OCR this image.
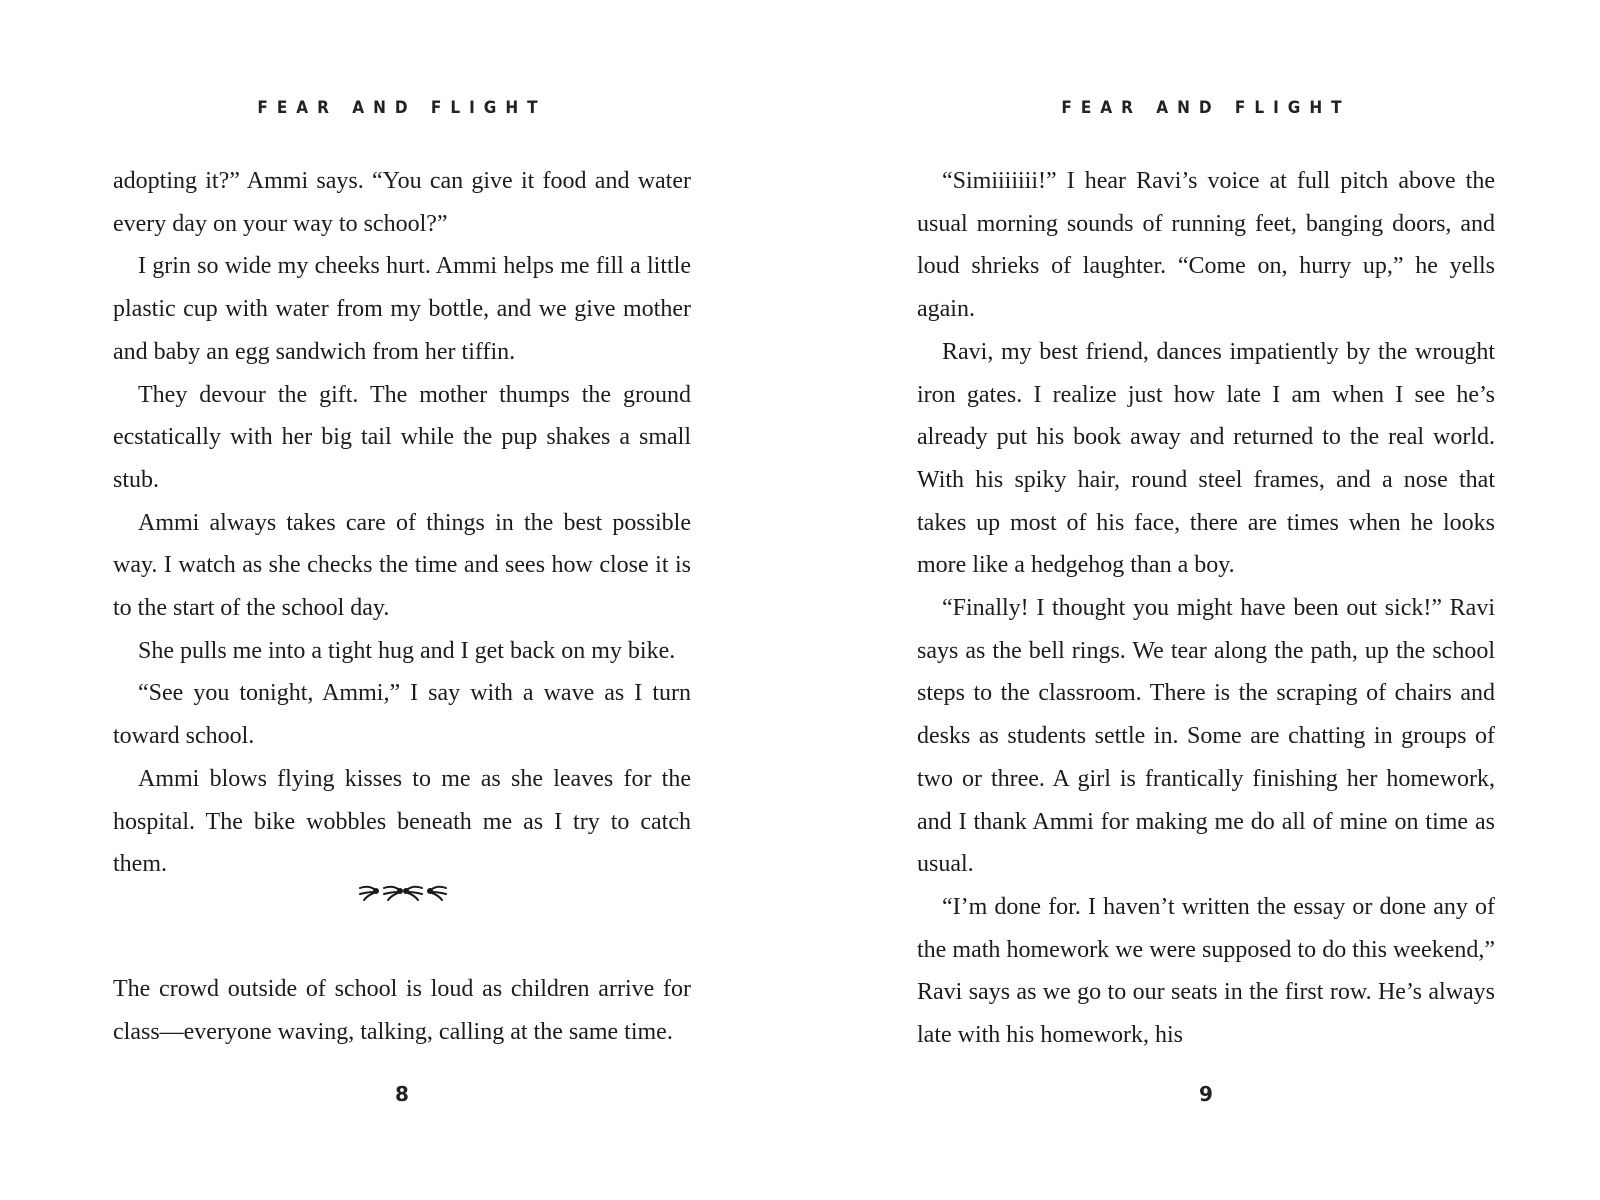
FEAR AND FLIGHT

adopting it?” Ammi says. “You can give it food and water every day on your way to school?”

I grin so wide my cheeks hurt. Ammi helps me fill a little plastic cup with water from my bottle, and we give mother and baby an egg sandwich from her tiffin.

They devour the gift. The mother thumps the ground ecstatically with her big tail while the pup shakes a small stub.

Ammi always takes care of things in the best possible way. I watch as she checks the time and sees how close it is to the start of the school day.

She pulls me into a tight hug and I get back on my bike.

“See you tonight, Ammi,” I say with a wave as I turn toward school.

Ammi blows flying kisses to me as she leaves for the hospital. The bike wobbles beneath me as I try to catch them.

The crowd outside of school is loud as children arrive for class—everyone waving, talking, calling at the same time.

8
FEAR AND FLIGHT

“Simiiiiiii!” I hear Ravi’s voice at full pitch above the usual morning sounds of running feet, banging doors, and loud shrieks of laughter. “Come on, hurry up,” he yells again.

Ravi, my best friend, dances impatiently by the wrought iron gates. I realize just how late I am when I see he’s already put his book away and returned to the real world. With his spiky hair, round steel frames, and a nose that takes up most of his face, there are times when he looks more like a hedgehog than a boy.

“Finally! I thought you might have been out sick!” Ravi says as the bell rings. We tear along the path, up the school steps to the classroom. There is the scraping of chairs and desks as students settle in. Some are chatting in groups of two or three. A girl is frantically finishing her homework, and I thank Ammi for making me do all of mine on time as usual.

“I’m done for. I haven’t written the essay or done any of the math homework we were supposed to do this weekend,” Ravi says as we go to our seats in the first row. He’s always late with his homework, his

9
